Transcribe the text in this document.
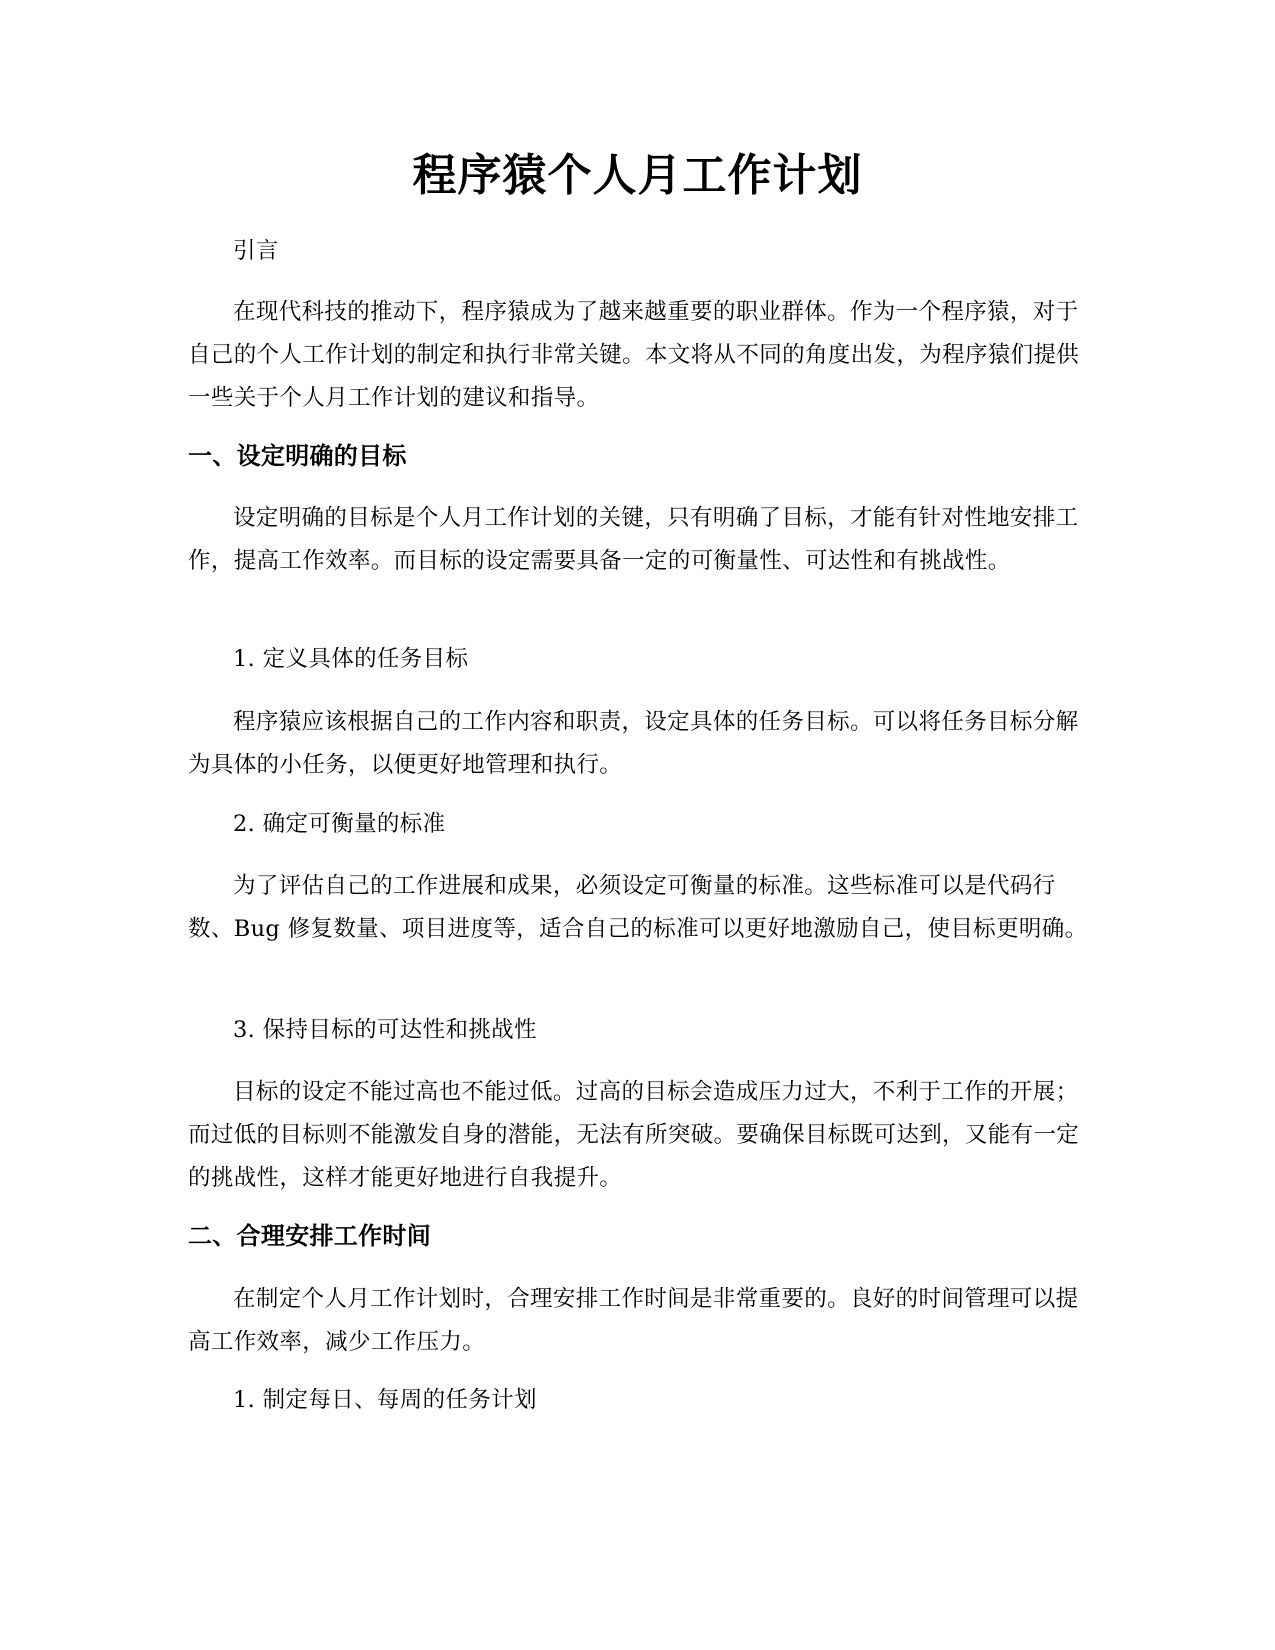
程序猿个人月工作计划

引言

在现代科技的推动下，程序猿成为了越来越重要的职业群体。作为一个程序猿，对于自己的个人工作计划的制定和执行非常关键。本文将从不同的角度出发，为程序猿们提供一些关于个人月工作计划的建议和指导。

一、设定明确的目标

设定明确的目标是个人月工作计划的关键，只有明确了目标，才能有针对性地安排工作，提高工作效率。而目标的设定需要具备一定的可衡量性、可达性和有挑战性。

1. 定义具体的任务目标

程序猿应该根据自己的工作内容和职责，设定具体的任务目标。可以将任务目标分解为具体的小任务，以便更好地管理和执行。

2. 确定可衡量的标准

为了评估自己的工作进展和成果，必须设定可衡量的标准。这些标准可以是代码行数、Bug 修复数量、项目进度等，适合自己的标准可以更好地激励自己，使目标更明确。

3. 保持目标的可达性和挑战性

目标的设定不能过高也不能过低。过高的目标会造成压力过大，不利于工作的开展；而过低的目标则不能激发自身的潜能，无法有所突破。要确保目标既可达到，又能有一定的挑战性，这样才能更好地进行自我提升。

二、合理安排工作时间

在制定个人月工作计划时，合理安排工作时间是非常重要的。良好的时间管理可以提高工作效率，减少工作压力。

1. 制定每日、每周的任务计划
